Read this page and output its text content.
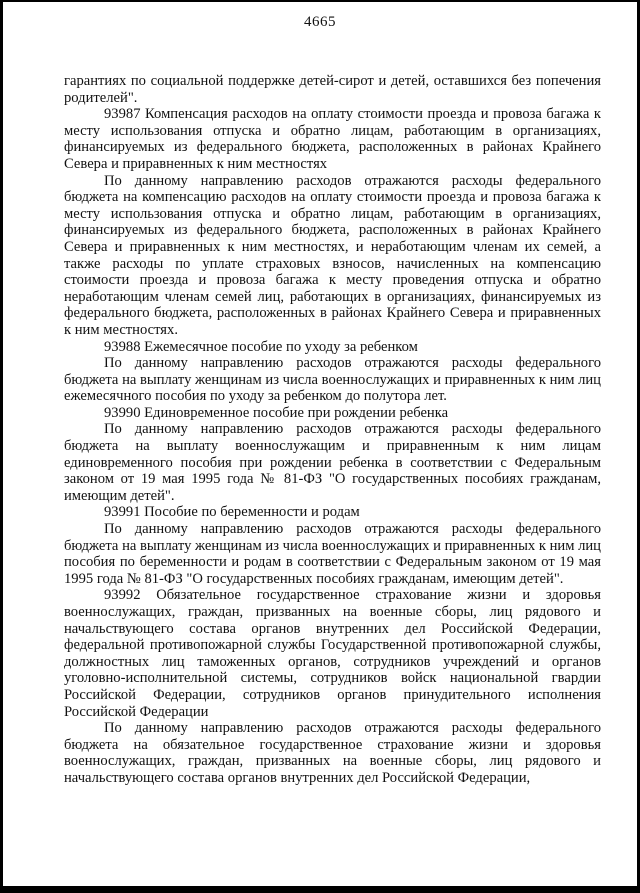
4665

гарантиях по социальной поддержке детей-сирот и детей, оставшихся без попечения родителей".

93987 Компенсация расходов на оплату стоимости проезда и провоза багажа к месту использования отпуска и обратно лицам, работающим в организациях, финансируемых из федерального бюджета, расположенных в районах Крайнего Севера и приравненных к ним местностях

По данному направлению расходов отражаются расходы федерального бюджета на компенсацию расходов на оплату стоимости проезда и провоза багажа к месту использования отпуска и обратно лицам, работающим в организациях, финансируемых из федерального бюджета, расположенных в районах Крайнего Севера и приравненных к ним местностях, и неработающим членам их семей, а также расходы по уплате страховых взносов, начисленных на компенсацию стоимости проезда и провоза багажа к месту проведения отпуска и обратно неработающим членам семей лиц, работающих в организациях, финансируемых из федерального бюджета, расположенных в районах Крайнего Севера и приравненных к ним местностях.

93988 Ежемесячное пособие по уходу за ребенком

По данному направлению расходов отражаются расходы федерального бюджета на выплату женщинам из числа военнослужащих и приравненных к ним лиц ежемесячного пособия по уходу за ребенком до полутора лет.

93990 Единовременное пособие при рождении ребенка

По данному направлению расходов отражаются расходы федерального бюджета на выплату военнослужащим и приравненным к ним лицам единовременного пособия при рождении ребенка в соответствии с Федеральным законом от 19 мая 1995 года № 81-ФЗ "О государственных пособиях гражданам, имеющим детей".

93991 Пособие по беременности и родам

По данному направлению расходов отражаются расходы федерального бюджета на выплату женщинам из числа военнослужащих и приравненных к ним лиц пособия по беременности и родам в соответствии с Федеральным законом от 19 мая 1995 года № 81-ФЗ "О государственных пособиях гражданам, имеющим детей".

93992 Обязательное государственное страхование жизни и здоровья военнослужащих, граждан, призванных на военные сборы, лиц рядового и начальствующего состава органов внутренних дел Российской Федерации, федеральной противопожарной службы Государственной противопожарной службы, должностных лиц таможенных органов, сотрудников учреждений и органов уголовно-исполнительной системы, сотрудников войск национальной гвардии Российской Федерации, сотрудников органов принудительного исполнения Российской Федерации

По данному направлению расходов отражаются расходы федерального бюджета на обязательное государственное страхование жизни и здоровья военнослужащих, граждан, призванных на военные сборы, лиц рядового и начальствующего состава органов внутренних дел Российской Федерации,
